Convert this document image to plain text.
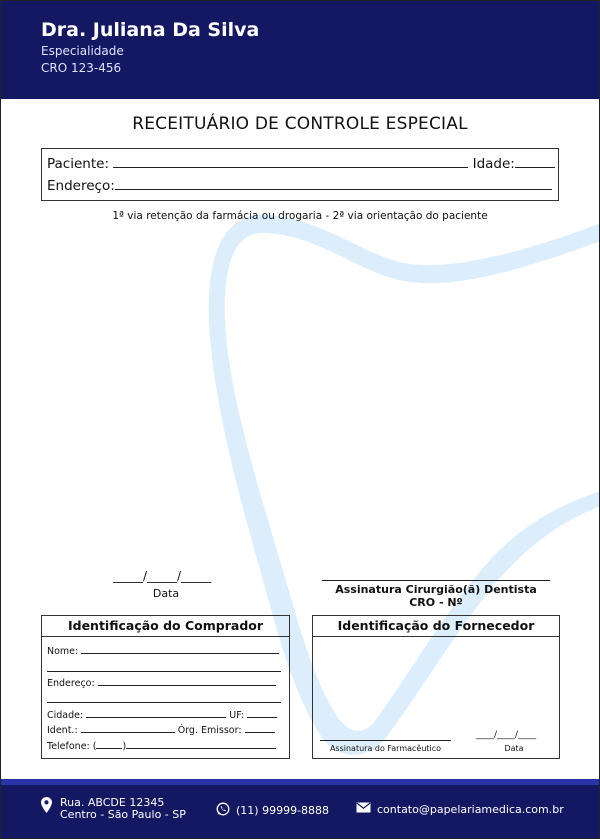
Dra. Juliana Da Silva
Especialidade
CRO 123-456
RECEITUÁRIO DE CONTROLE ESPECIAL
Paciente:	Idade:
Endereço:
1ª via retenção da farmácia ou drogaria - 2ª via orientação do paciente
_____/_____/_____
Data	Assinatura Cirurgião(ã) Dentista
CRO - Nº
Identificação do Comprador
Nome:
Endereço:
Cidade:	UF:
Ident.:	Órg. Emissor:
Telefone: (	)
Identificação do Fornecedor
Assinatura do Farmacêutico
____/____/____
Data
Rua. ABCDE 12345
Centro - São Paulo - SP	(11) 99999-8888	contato@papelariamedica.com.br
